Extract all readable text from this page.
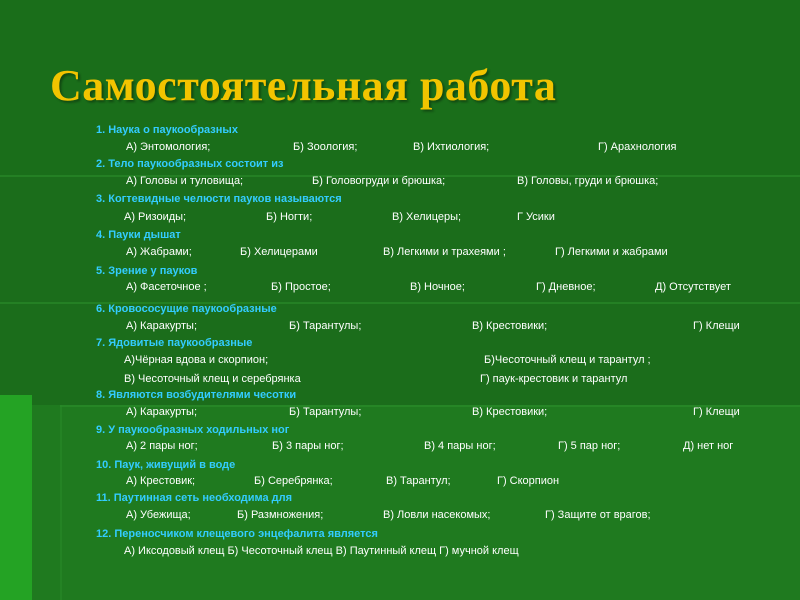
Самостоятельная работа
1. Наука о паукообразных
А) Энтомология;	Б) Зоология;	В) Ихтиология;	Г) Арахнология
2. Тело паукообразных состоит из
А) Головы и туловища;	Б) Головогруди и брюшка;	В) Головы, груди и брюшка;
3. Когтевидные челюсти пауков называются
А) Ризоиды;	Б) Ногти;	В) Хелицеры;	Г Усики
4. Пауки дышат
А) Жабрами;	Б) Хелицерами	В) Легкими и трахеями ;	Г) Легкими и жабрами
5. Зрение у пауков
А) Фасеточное ;	Б) Простое;	В) Ночное;	Г) Дневное;	Д) Отсутствует
6. Кровососущие паукообразные
А) Каракурты;	Б) Тарантулы;	В) Крестовики;	Г) Клещи
7. Ядовитые паукообразные
А)Чёрная вдова и скорпион;	Б)Чесоточный клещ и тарантул ;
В) Чесоточный клещ и серебрянка	Г) паук-крестовик и тарантул
8. Являются возбудителями чесотки
А) Каракурты;	Б) Тарантулы;	В) Крестовики;	Г) Клещи
9. У паукообразных ходильных ног
А) 2 пары ног;	Б) 3 пары ног;	В) 4 пары ног;	Г) 5 пар ног;	Д) нет ног
10. Паук, живущий в воде
А) Крестовик;	Б) Серебрянка;	В) Тарантул;	Г) Скорпион
11. Паутинная сеть необходима для
А) Убежища;	Б) Размножения;	В) Ловли насекомых;	Г) Защите от врагов;
12. Переносчиком клещевого энцефалита является
А) Иксодовый клещ Б) Чесоточный клещ В) Паутинный клещ Г) мучной клещ
